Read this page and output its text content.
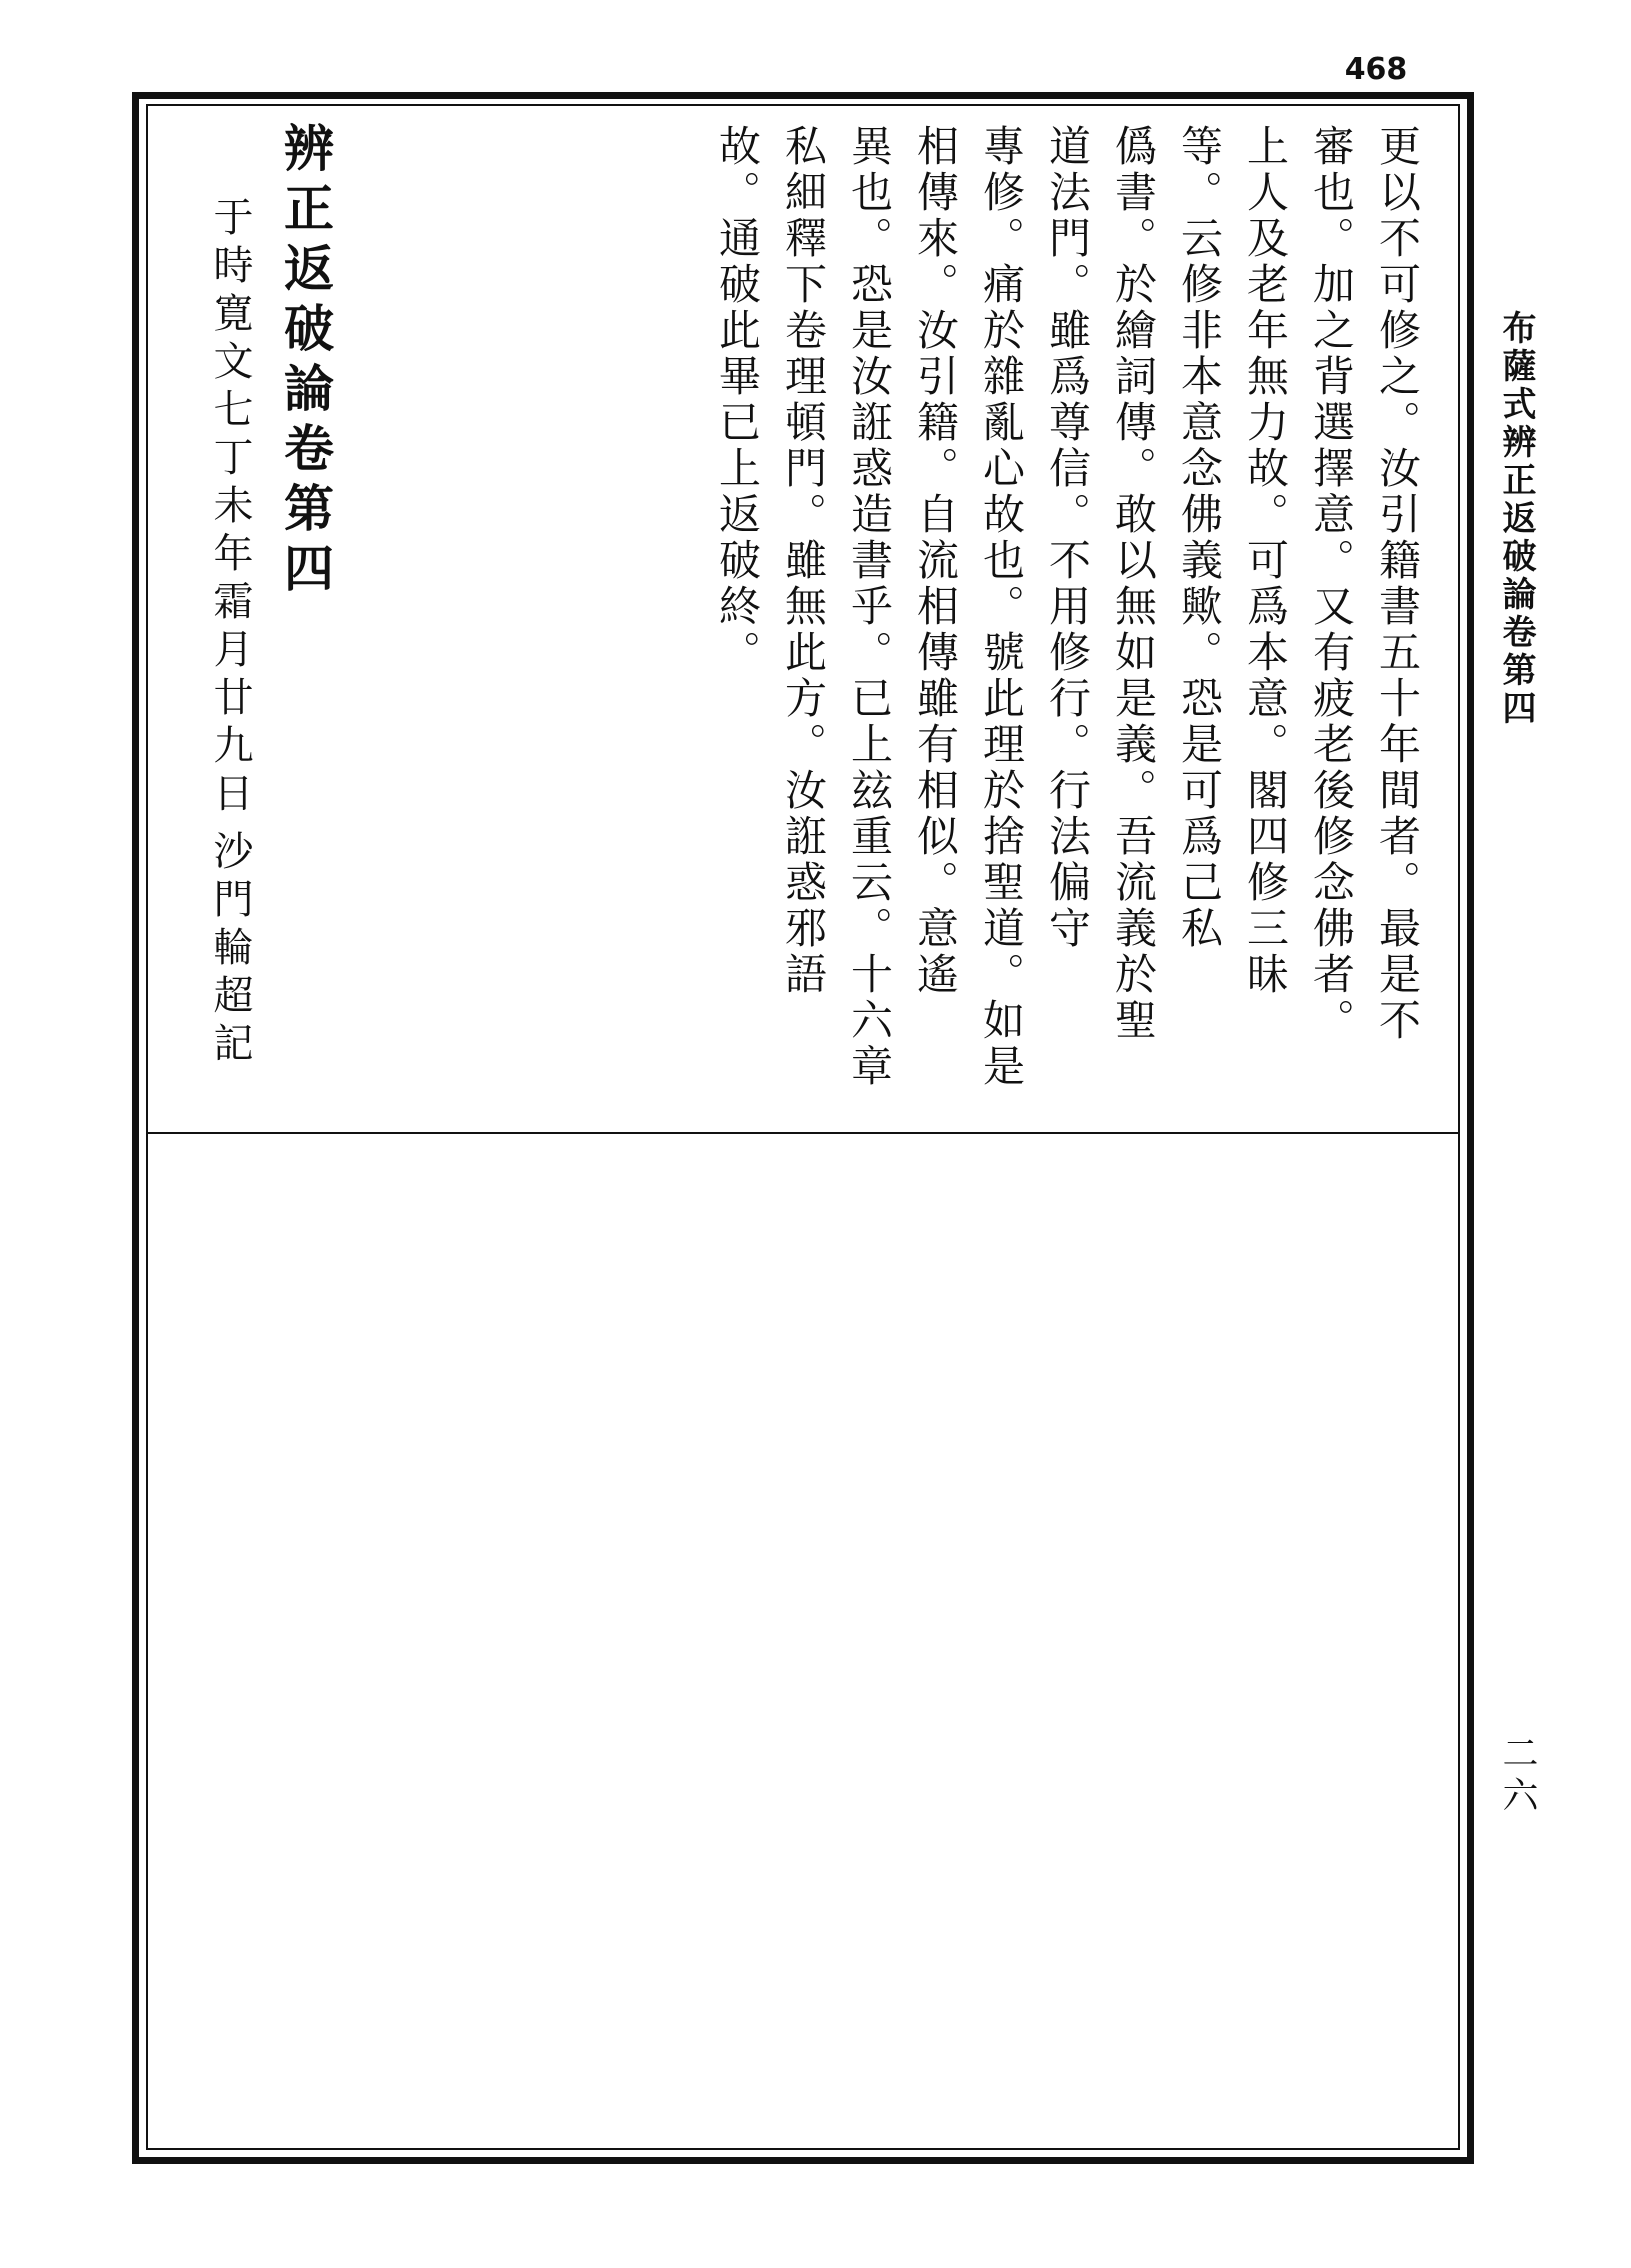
468
布薩式辨正返破論卷第四
二六
更以不可修之。汝引籍書五十年間者。最是不
審也。加之背選擇意。又有疲老後修念佛者。
上人及老年無力故。可爲本意。閣四修三昧
等。云修非本意念佛義歟。恐是可爲己私
僞書。於繪詞傳。敢以無如是義。吾流義於聖
道法門。雖爲尊信。不用修行。行法偏守
專修。痛於雜亂心故也。號此理於捨聖道。如是
相傳來。汝引籍。自流相傳雖有相似。意遙
異也。恐是汝誑惑造書乎。已上玆重云。十六章
私細釋下卷理頓門。雖無此方。汝誑惑邪語
故。通破此畢已上返破終。
辨正返破論卷第四
于時寛文七丁未年霜月廿九日
沙門輪超記
